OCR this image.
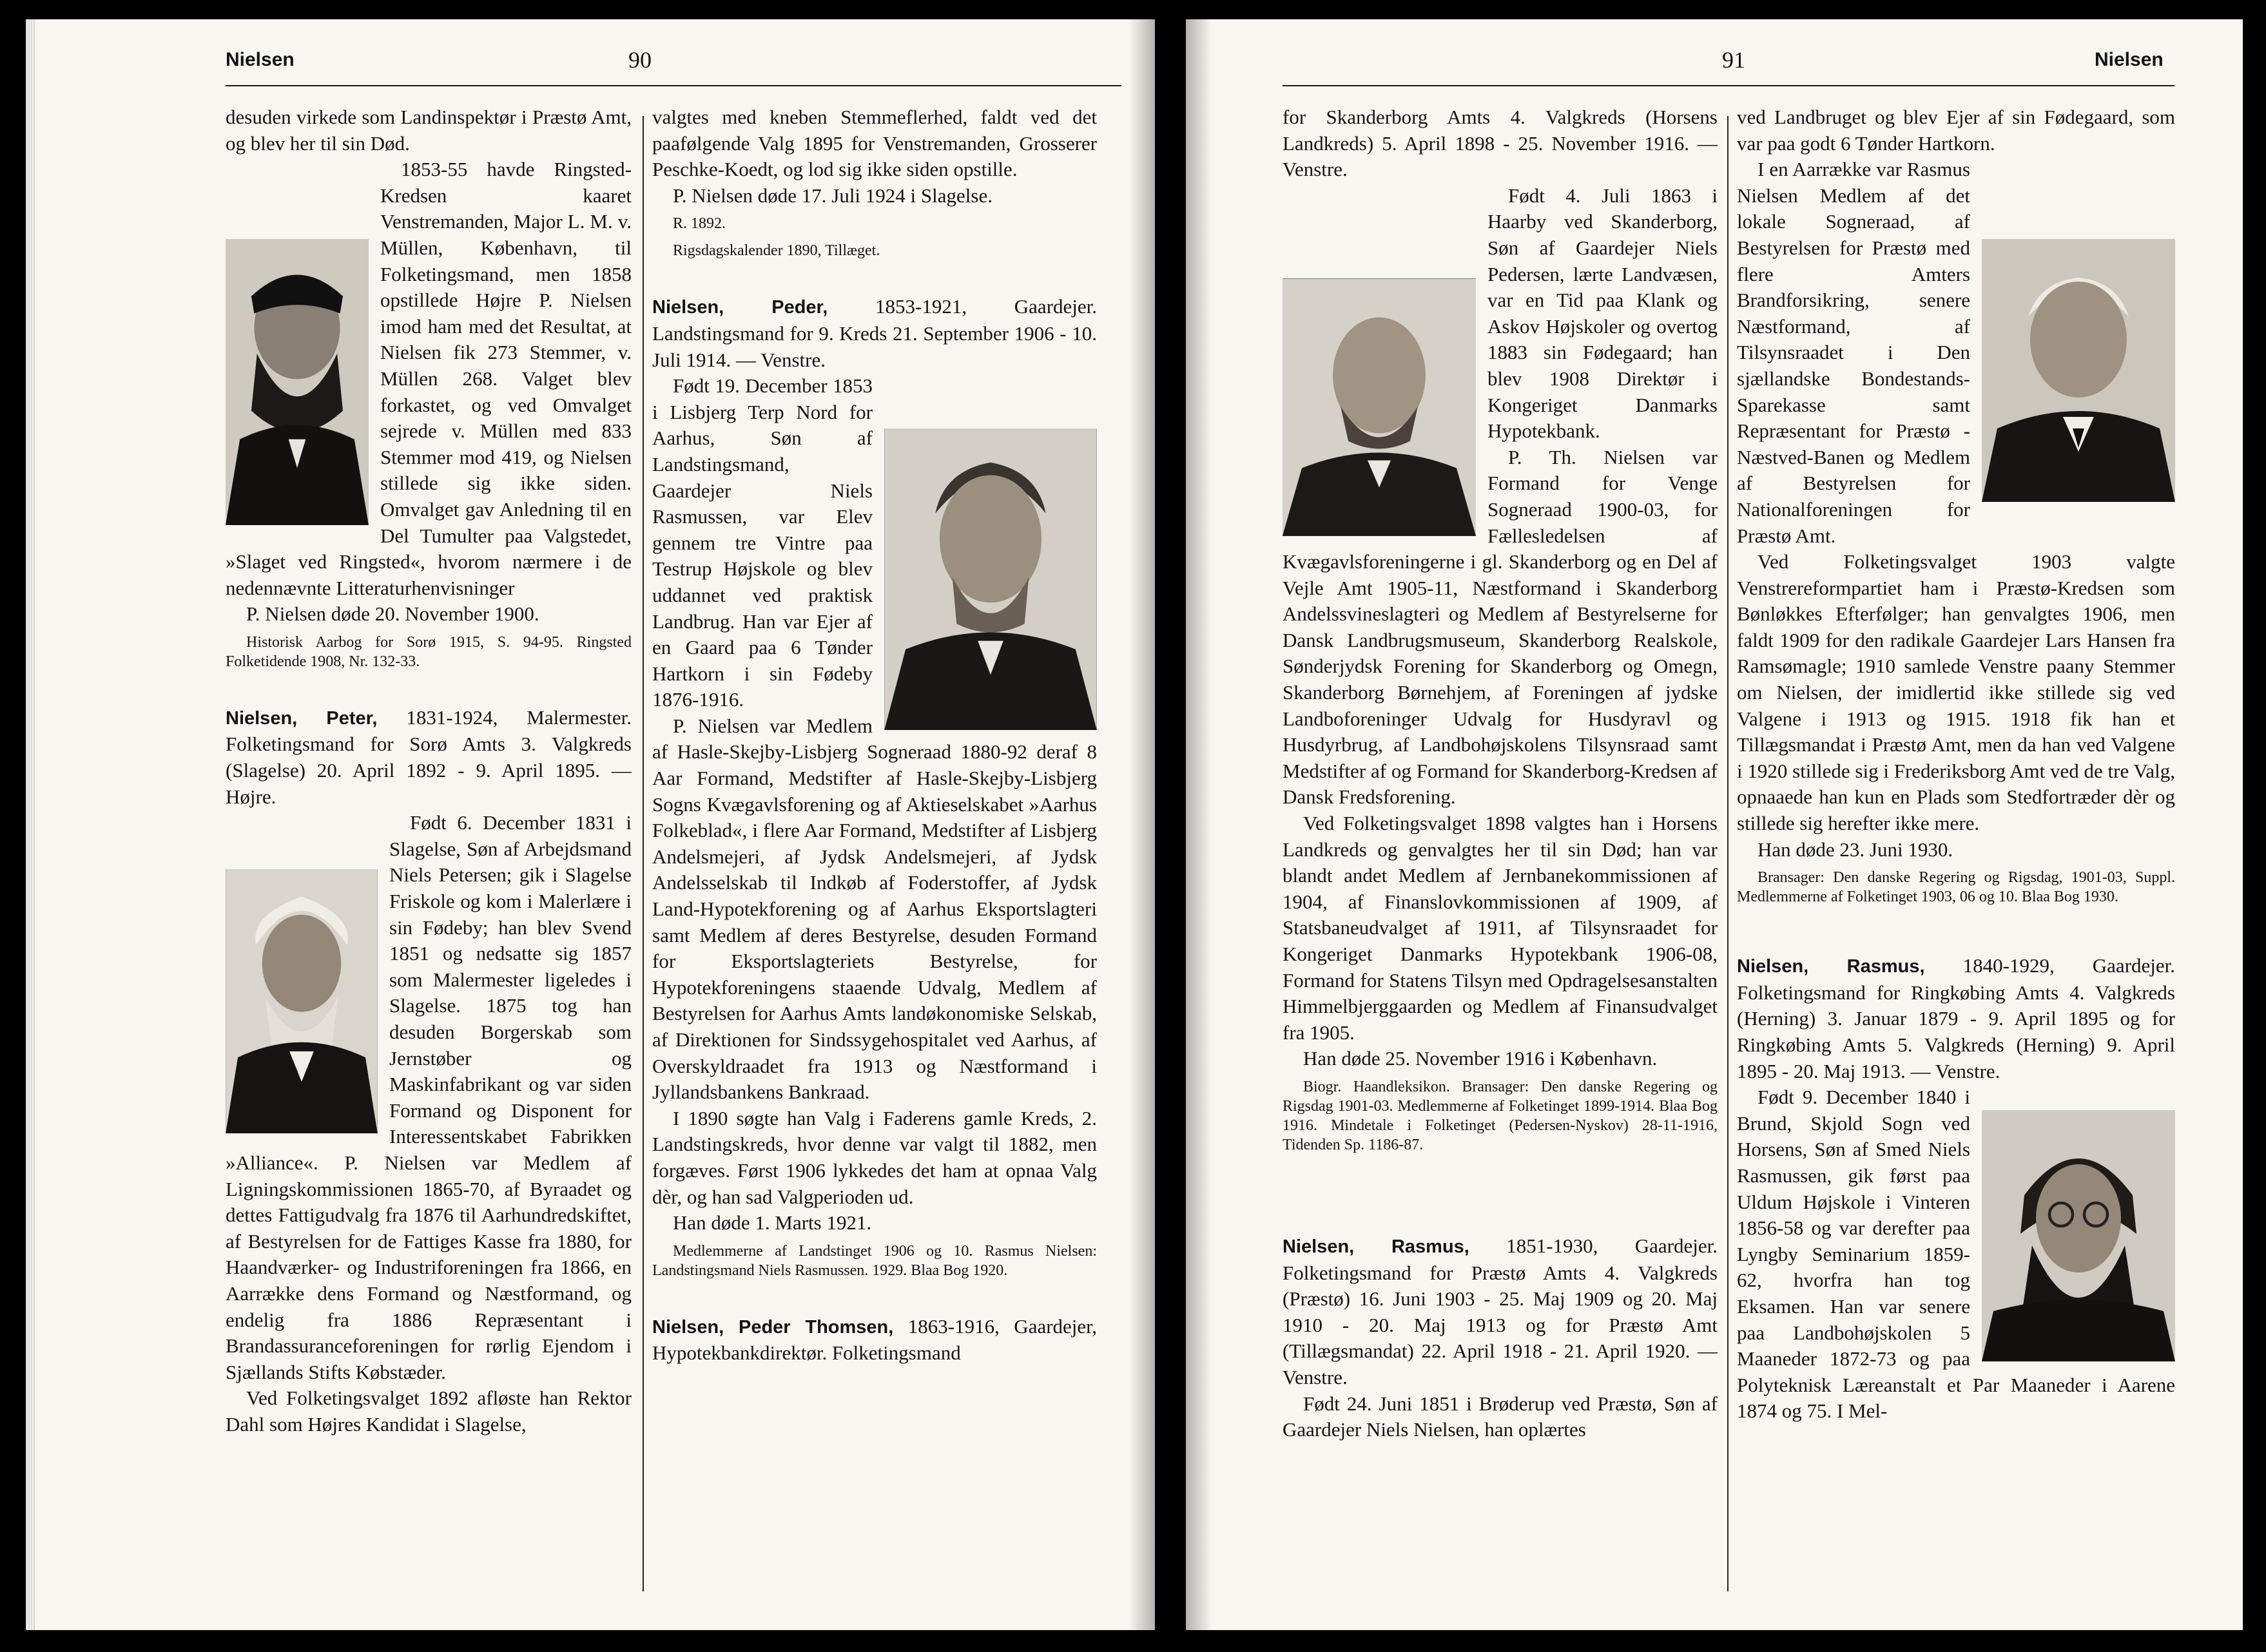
Nielsen	90

desuden virkede som Landinspektør i Præstø Amt, og blev her til sin Død.

1853-55 havde Ringsted-Kredsen kaaret Venstremanden, Major L. M. v. Müllen, København, til Folketingsmand, men 1858 opstillede Højre P. Nielsen imod ham med det Resultat, at Nielsen fik 273 Stemmer, v. Müllen 268. Valget blev forkastet, og ved Omvalget sejrede v. Müllen med 833 Stemmer mod 419, og Nielsen stillede sig ikke siden. Omvalget gav Anledning til en Del Tumulter paa Valgstedet, »Slaget ved Ringsted«, hvorom nærmere i de nedennævnte Litteraturhenvisninger

P. Nielsen døde 20. November 1900.

Historisk Aarbog for Sorø 1915, S. 94-95. Ringsted Folketidende 1908, Nr. 132-33.

Nielsen, Peter, 1831-1924, Malermester. Folketingsmand for Sorø Amts 3. Valgkreds (Slagelse) 20. April 1892 - 9. April 1895. — Højre.

Født 6. December 1831 i Slagelse, Søn af Arbejdsmand Niels Petersen; gik i Slagelse Friskole og kom i Malerlære i sin Fødeby; han blev Svend 1851 og nedsatte sig 1857 som Malermester ligeledes i Slagelse. 1875 tog han desuden Borgerskab som Jernstøber og Maskinfabrikant og var siden Formand og Disponent for Interessentskabet Fabrikken »Alliance«. P. Nielsen var Medlem af Ligningskommissionen 1865-70, af Byraadet og dettes Fattigudvalg fra 1876 til Aarhundredskiftet, af Bestyrelsen for de Fattiges Kasse fra 1880, for Haandværker- og Industriforeningen fra 1866, en Aarrække dens Formand og Næstformand, og endelig fra 1886 Repræsentant i Brandassuranceforeningen for rørlig Ejendom i Sjællands Stifts Købstæder.

Ved Folketingsvalget 1892 afløste han Rektor Dahl som Højres Kandidat i Slagelse,

valgtes med kneben Stemmeflerhed, faldt ved det paafølgende Valg 1895 for Venstremanden, Grosserer Peschke-Koedt, og lod sig ikke siden opstille.

P. Nielsen døde 17. Juli 1924 i Slagelse.

R. 1892.

Rigsdagskalender 1890, Tillæget.

Nielsen, Peder, 1853-1921, Gaardejer. Landstingsmand for 9. Kreds 21. September 1906 - 10. Juli 1914. — Venstre.

Født 19. December 1853 i Lisbjerg Terp Nord for Aarhus, Søn af Landstingsmand, Gaardejer Niels Rasmussen, var Elev gennem tre Vintre paa Testrup Højskole og blev uddannet ved praktisk Landbrug. Han var Ejer af en Gaard paa 6 Tønder Hartkorn i sin Fødeby 1876-1916.

P. Nielsen var Medlem af Hasle-Skejby-Lisbjerg Sogneraad 1880-92 deraf 8 Aar Formand, Medstifter af Hasle-Skejby-Lisbjerg Sogns Kvægavlsforening og af Aktieselskabet »Aarhus Folkeblad«, i flere Aar Formand, Medstifter af Lisbjerg Andelsmejeri, af Jydsk Andelsmejeri, af Jydsk Andelsselskab til Indkøb af Foderstoffer, af Jydsk Land-Hypotekforening og af Aarhus Eksportslagteri samt Medlem af deres Bestyrelse, desuden Formand for Eksportslagteriets Bestyrelse, for Hypotekforeningens staaende Udvalg, Medlem af Bestyrelsen for Aarhus Amts landøkonomiske Selskab, af Direktionen for Sindssygehospitalet ved Aarhus, af Overskyldraadet fra 1913 og Næstformand i Jyllandsbankens Bankraad.

I 1890 søgte han Valg i Faderens gamle Kreds, 2. Landstingskreds, hvor denne var valgt til 1882, men forgæves. Først 1906 lykkedes det ham at opnaa Valg dèr, og han sad Valgperioden ud.

Han døde 1. Marts 1921.

Medlemmerne af Landstinget 1906 og 10. Rasmus Nielsen: Landstingsmand Niels Rasmussen. 1929. Blaa Bog 1920.

Nielsen, Peder Thomsen, 1863-1916, Gaardejer, Hypotekbankdirektør. Folketingsmand

91	Nielsen

for Skanderborg Amts 4. Valgkreds (Horsens Landkreds) 5. April 1898 - 25. November 1916. — Venstre.

Født 4. Juli 1863 i Haarby ved Skanderborg, Søn af Gaardejer Niels Pedersen, lærte Landvæsen, var en Tid paa Klank og Askov Højskoler og overtog 1883 sin Fødegaard; han blev 1908 Direktør i Kongeriget Danmarks Hypotekbank.

P. Th. Nielsen var Formand for Venge Sogneraad 1900-03, for Fællesledelsen af Kvægavlsforeningerne i gl. Skanderborg og en Del af Vejle Amt 1905-11, Næstformand i Skanderborg Andelssvineslagteri og Medlem af Bestyrelserne for Dansk Landbrugsmuseum, Skanderborg Realskole, Sønderjydsk Forening for Skanderborg og Omegn, Skanderborg Børnehjem, af Foreningen af jydske Landboforeninger Udvalg for Husdyravl og Husdyrbrug, af Landbohøjskolens Tilsynsraad samt Medstifter af og Formand for Skanderborg-Kredsen af Dansk Fredsforening.

Ved Folketingsvalget 1898 valgtes han i Horsens Landkreds og genvalgtes her til sin Død; han var blandt andet Medlem af Jernbanekommissionen af 1904, af Finanslovkommissionen af 1909, af Statsbaneudvalget af 1911, af Tilsynsraadet for Kongeriget Danmarks Hypotekbank 1906-08, Formand for Statens Tilsyn med Opdragelsesanstalten Himmelbjerggaarden og Medlem af Finansudvalget fra 1905.

Han døde 25. November 1916 i København.

Biogr. Haandleksikon. Bransager: Den danske Regering og Rigsdag 1901-03. Medlemmerne af Folketinget 1899-1914. Blaa Bog 1916. Mindetale i Folketinget (Pedersen-Nyskov) 28-11-1916, Tidenden Sp. 1186-87.

Nielsen, Rasmus, 1851-1930, Gaardejer. Folketingsmand for Præstø Amts 4. Valgkreds (Præstø) 16. Juni 1903 - 25. Maj 1909 og 20. Maj 1910 - 20. Maj 1913 og for Præstø Amt (Tillægsmandat) 22. April 1918 - 21. April 1920. — Venstre.

Født 24. Juni 1851 i Brøderup ved Præstø, Søn af Gaardejer Niels Nielsen, han oplærtes

ved Landbruget og blev Ejer af sin Fødegaard, som var paa godt 6 Tønder Hartkorn.

I en Aarrække var Rasmus Nielsen Medlem af det lokale Sogneraad, af Bestyrelsen for Præstø med flere Amters Brandforsikring, senere Næstformand, af Tilsynsraadet i Den sjællandske Bondestands-Sparekasse samt Repræsentant for Præstø -Næstved-Banen og Medlem af Bestyrelsen for Nationalforeningen for Præstø Amt.

Ved Folketingsvalget 1903 valgte Venstrereformpartiet ham i Præstø-Kredsen som Bønløkkes Efterfølger; han genvalgtes 1906, men faldt 1909 for den radikale Gaardejer Lars Hansen fra Ramsømagle; 1910 samlede Venstre paany Stemmer om Nielsen, der imidlertid ikke stillede sig ved Valgene i 1913 og 1915. 1918 fik han et Tillægsmandat i Præstø Amt, men da han ved Valgene i 1920 stillede sig i Frederiksborg Amt ved de tre Valg, opnaaede han kun en Plads som Stedfortræder dèr og stillede sig herefter ikke mere.

Han døde 23. Juni 1930.

Bransager: Den danske Regering og Rigsdag, 1901-03, Suppl. Medlemmerne af Folketinget 1903, 06 og 10. Blaa Bog 1930.

Nielsen, Rasmus, 1840-1929, Gaardejer. Folketingsmand for Ringkøbing Amts 4. Valgkreds (Herning) 3. Januar 1879 - 9. April 1895 og for Ringkøbing Amts 5. Valgkreds (Herning) 9. April 1895 - 20. Maj 1913. — Venstre.

Født 9. December 1840 i Brund, Skjold Sogn ved Horsens, Søn af Smed Niels Rasmussen, gik først paa Uldum Højskole i Vinteren 1856-58 og var derefter paa Lyngby Seminarium 1859-62, hvorfra han tog Eksamen. Han var senere paa Landbohøjskolen 5 Maaneder 1872-73 og paa Polyteknisk Læreanstalt et Par Maaneder i Aarene 1874 og 75. I Mel-
